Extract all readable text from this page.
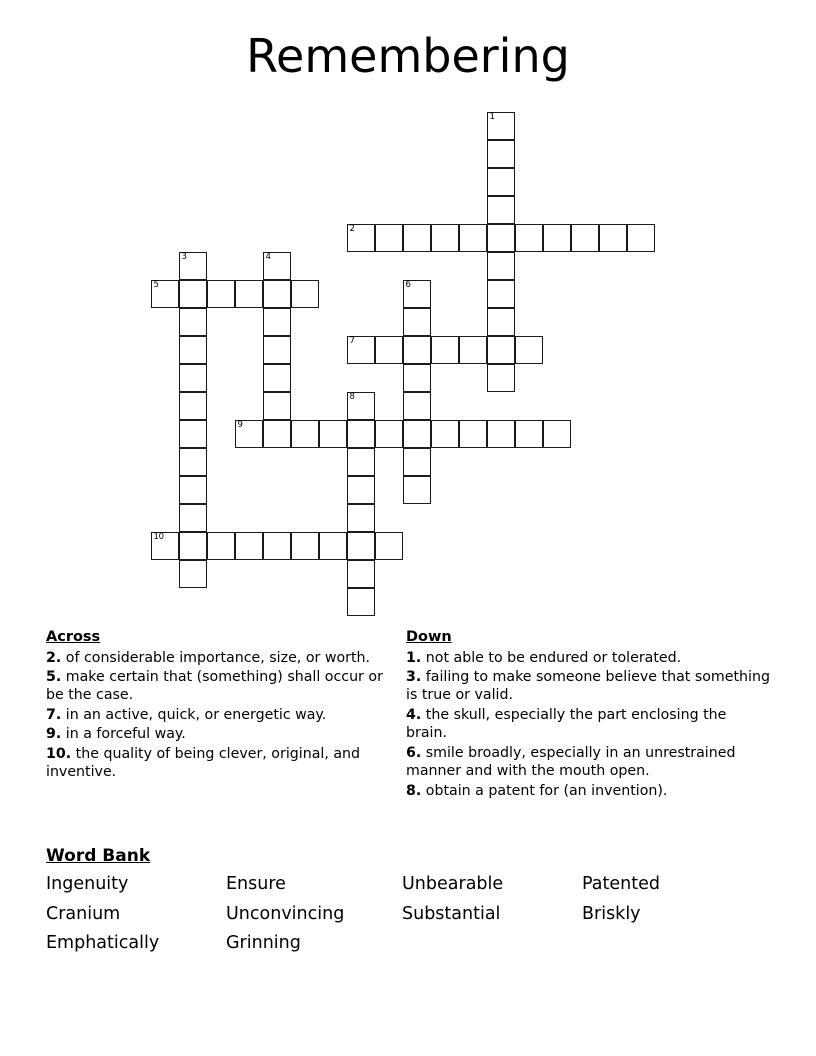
Remembering
1
2
3	4
5	6
7
8
9
10
Across
2. of considerable importance, size, or worth.
5. make certain that (something) shall occur or be the case.
7. in an active, quick, or energetic way.
9. in a forceful way.
10. the quality of being clever, original, and inventive.
Down
1. not able to be endured or tolerated.
3. failing to make someone believe that something is true or valid.
4. the skull, especially the part enclosing the brain.
6. smile broadly, especially in an unrestrained manner and with the mouth open.
8. obtain a patent for (an invention).
Word Bank
Ingenuity	Ensure	Unbearable	Patented
Cranium	Unconvincing	Substantial	Briskly
Emphatically	Grinning
